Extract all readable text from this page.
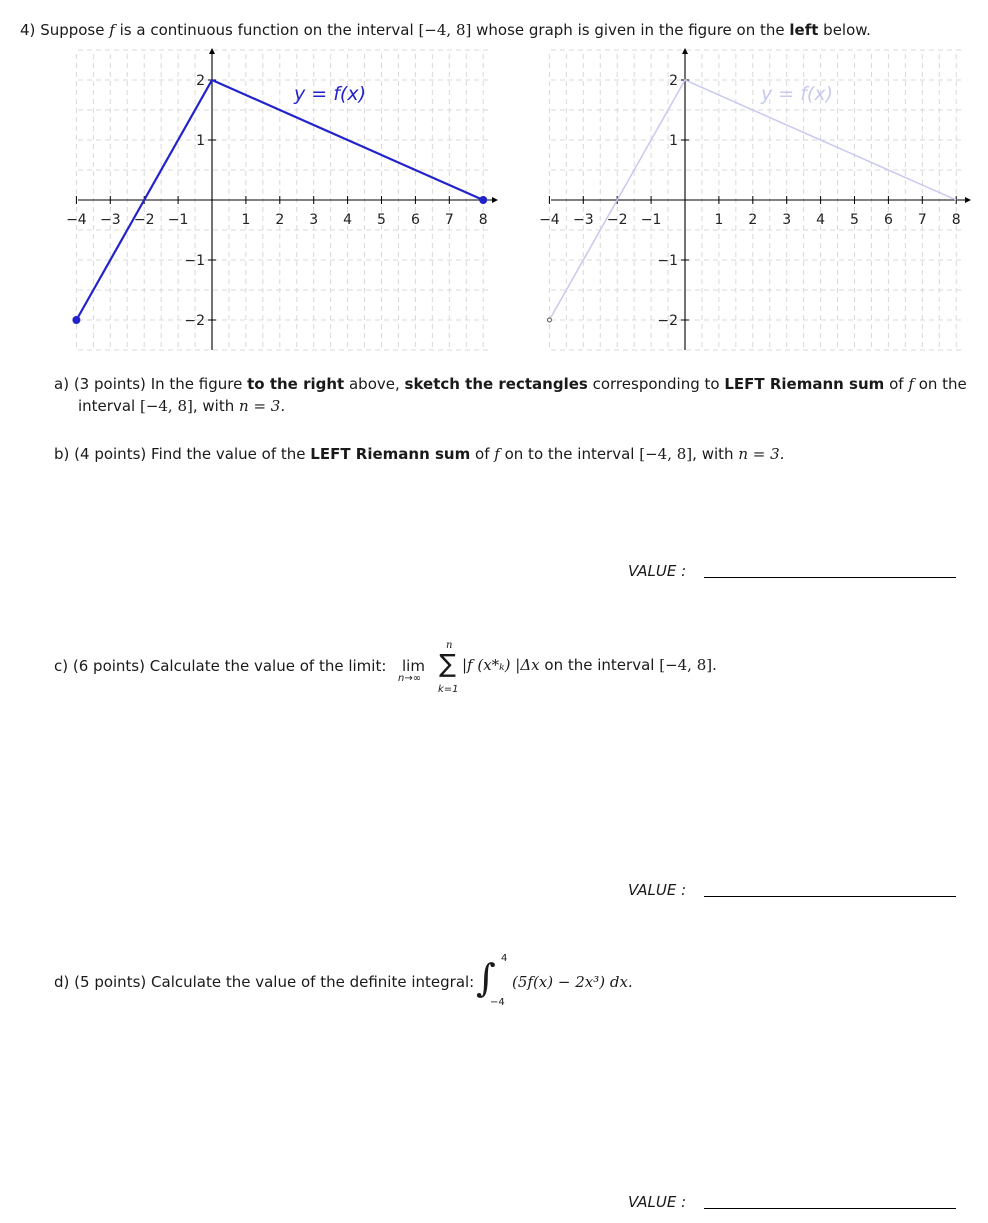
4) Suppose f is a continuous function on the interval [−4, 8] whose graph is given in the figure on the left below.
−4 −3 −2 −1	1 2 3 4 5 6 7 8
2
1
−1
−2
y = f(x)
−4 −3 −2 −1	1 2 3 4 5 6 7 8
2
1
−1
−2
y = f(x)
a) (3 points) In the figure to the right above, sketch the rectangles corresponding to LEFT Riemann sum of f on the
interval [−4, 8], with n = 3.
b) (4 points) Find the value of the LEFT Riemann sum of f on to the interval [−4, 8], with n = 3.
VALUE :
c) (6 points) Calculate the value of the limit: lim
n→∞
n
∑
k=1
|f (x*ₖ) |Δx on the interval [−4, 8].
VALUE :
d) (5 points) Calculate the value of the definite integral: ∫ 4
−4
(5f(x) − 2x³) dx.
VALUE :
